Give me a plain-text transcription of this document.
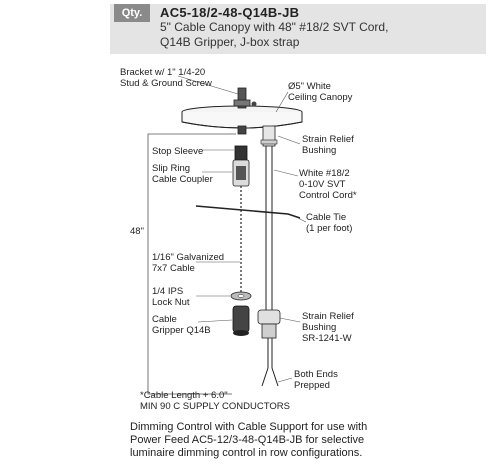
Qty.	AC5-18/2-48-Q14B-JB
5" Cable Canopy with 48" #18/2 SVT Cord,
Q14B Gripper, J-box strap
Bracket w/ 1" 1/4-20
Stud & Ground Screw	Ø5" White
Ceiling Canopy
Strain Relief
Bushing
Stop Sleeve
Slip Ring
Cable Coupler
White #18/2
0-10V SVT
Control Cord*
Cable Tie
(1 per foot)
48"
1/16" Galvanized
7x7 Cable
1/4 IPS
Lock Nut
Cable
Gripper Q14B
Strain Relief
Bushing
SR-1241-W
Both Ends
Prepped
*Cable Length + 6.0"
MIN 90 C SUPPLY CONDUCTORS
Dimming Control with Cable Support for use with
Power Feed AC5-12/3-48-Q14B-JB for selective
luminaire dimming control in row configurations.
